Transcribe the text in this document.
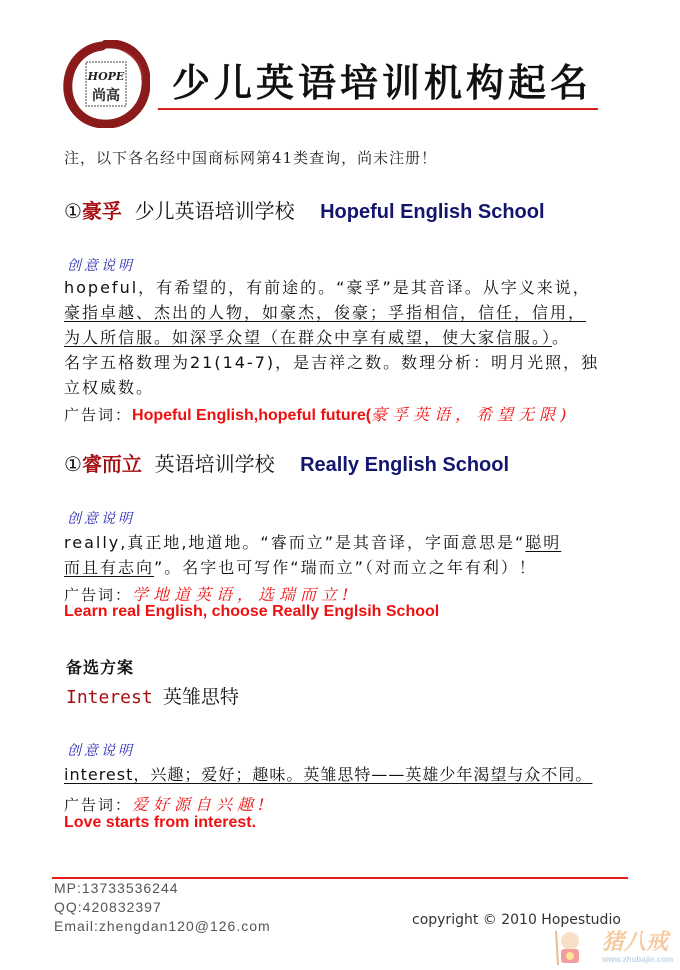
HOPE
尚高 少儿英语培训机构起名
注，以下各名经中国商标网第41类查询，尚未注册！
①豪孚 少儿英语培训学校 Hopeful English School
创意说明
hopeful，有希望的，有前途的。“豪孚”是其音译。从字义来说，
豪指卓越、杰出的人物，如豪杰，俊豪；孚指相信，信任，信用，
为人所信服。如深孚众望（在群众中享有威望，使大家信服。）。
名字五格数理为21(14-7)，是吉祥之数。数理分析：明月光照，独
立权威数。
广告词：Hopeful English,hopeful future(豪孚英语，希望无限)
①睿而立 英语培训学校 Really English School
创意说明
really,真正地,地道地。“睿而立”是其音译，字面意思是“聪明
而且有志向”。名字也可写作“瑞而立”（对而立之年有利）！
广告词：学地道英语，选瑞而立!
Learn real English, choose Really Englsih School
备选方案
Interest 英雏思特
创意说明
interest，兴趣；爱好；趣味。英雏思特——英雄少年渴望与众不同。
广告词：爱好源自兴趣!
Love starts from interest.
MP:13733536244
QQ:420832397
Email:zhengdan120@126.com	copyright © 2010 Hopestudio
猪八戒
www.zhubajie.com
